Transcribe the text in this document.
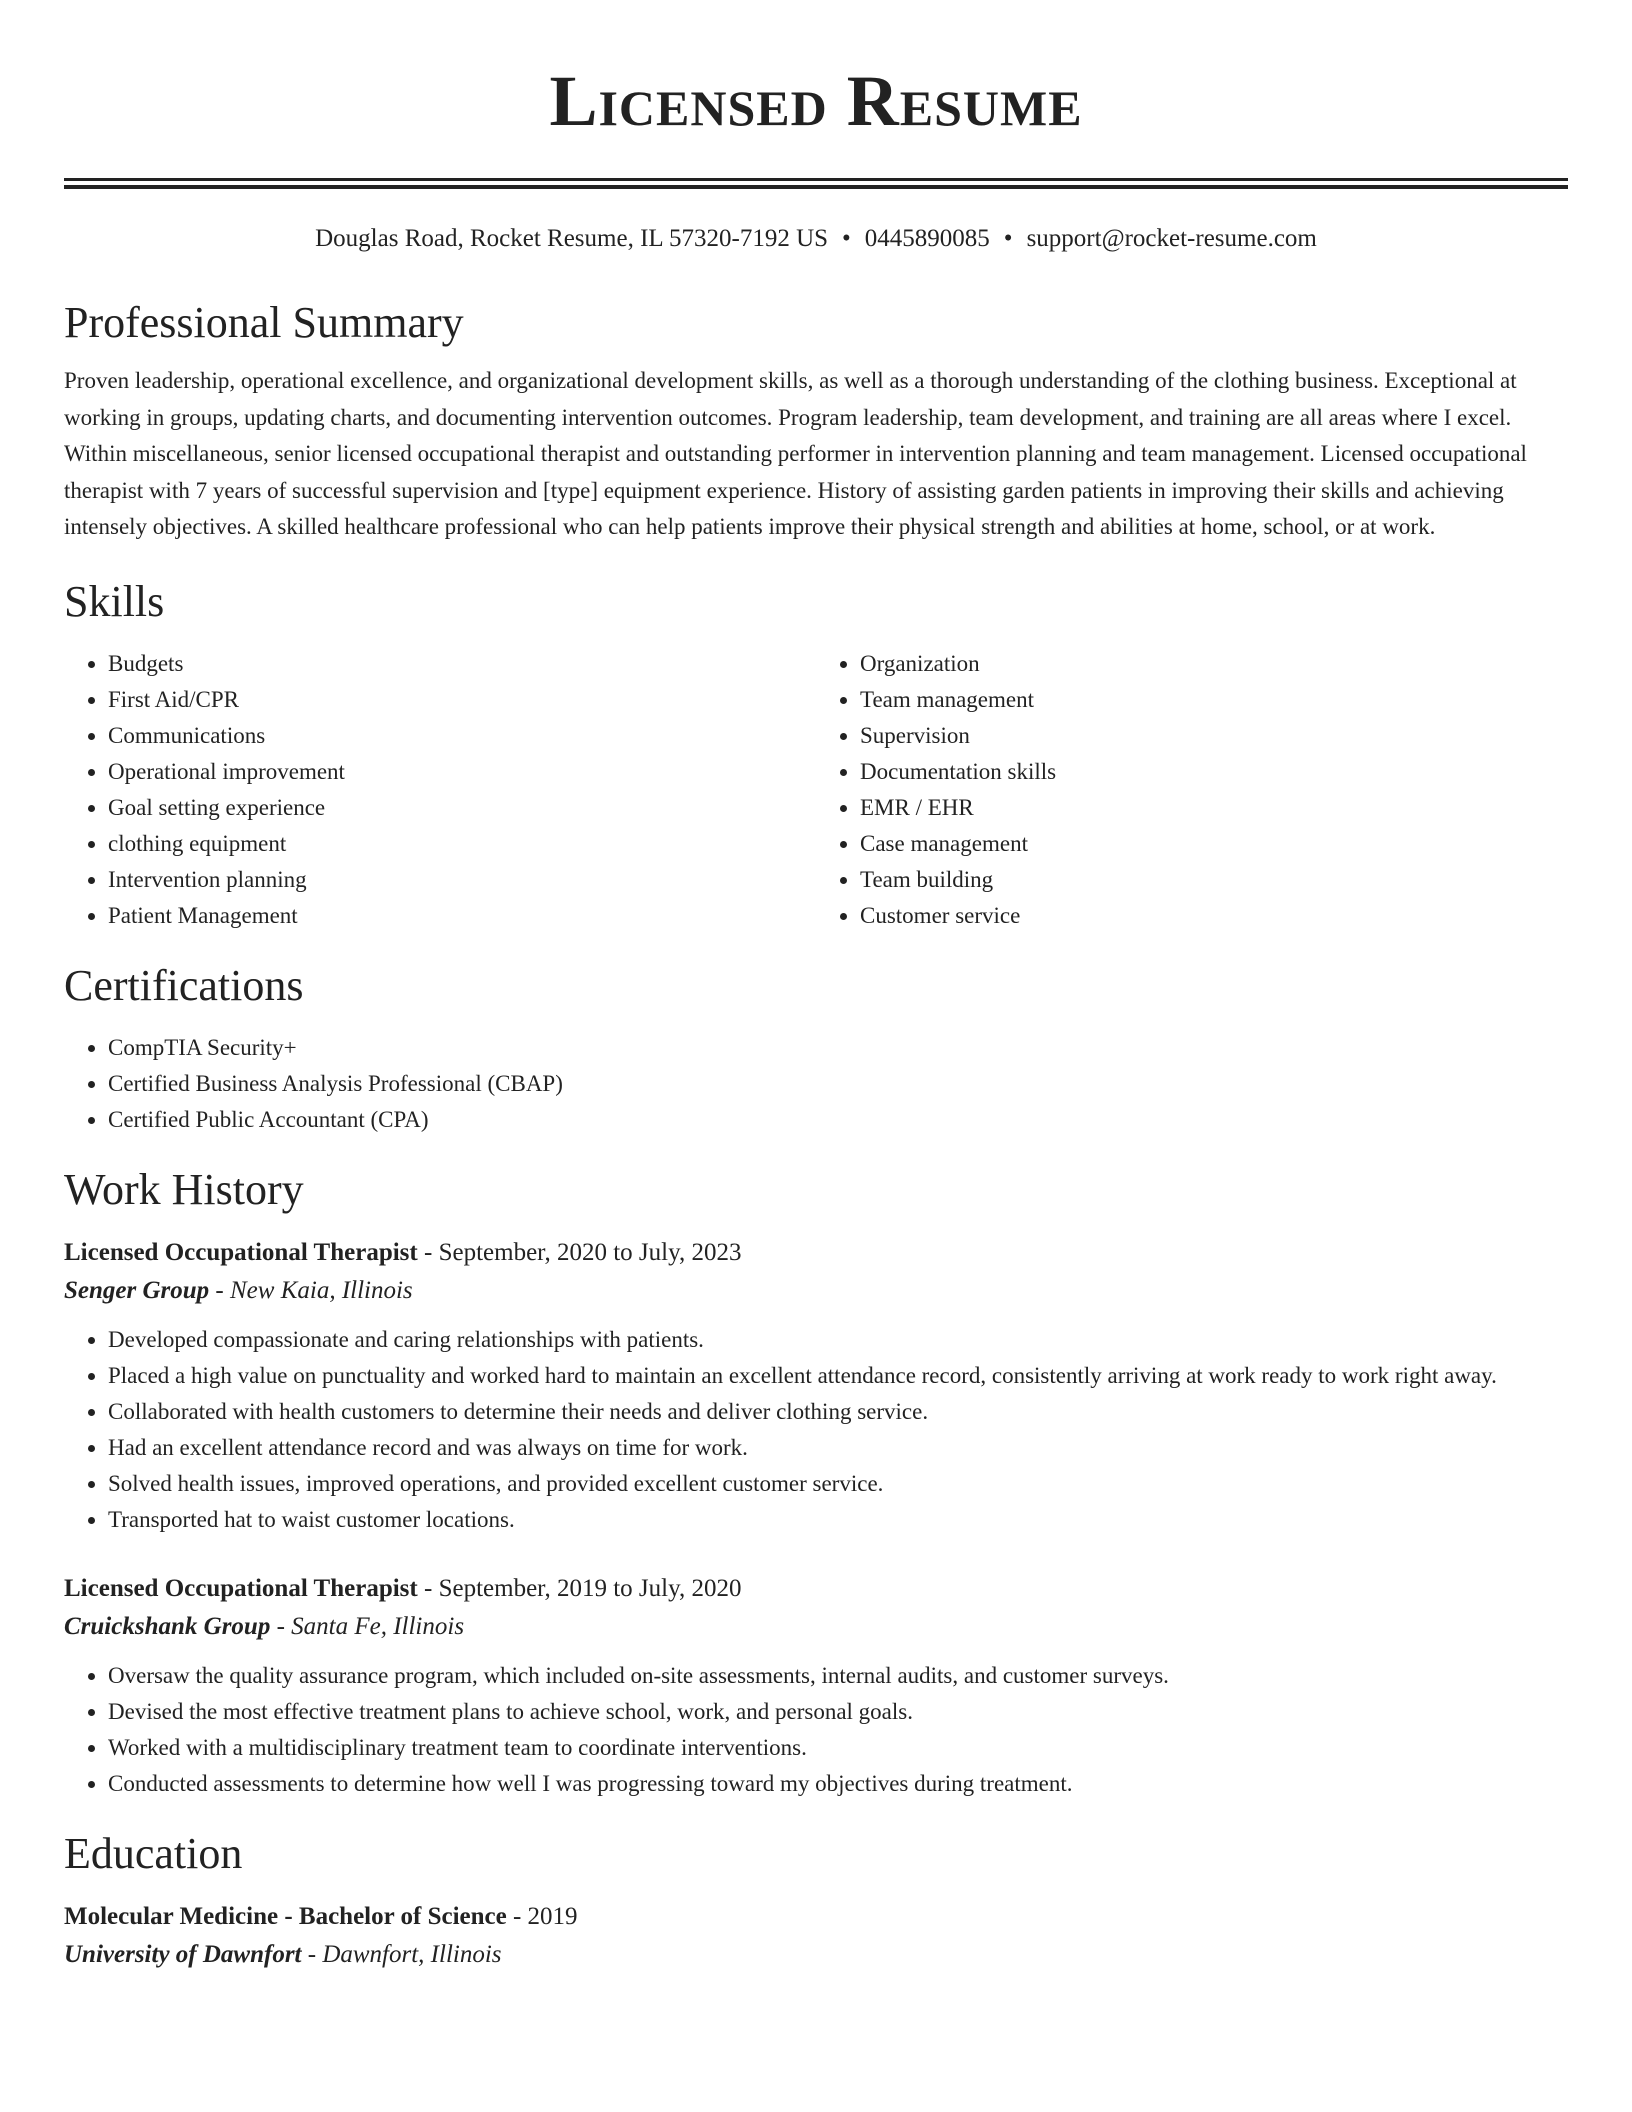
Licensed Resume
Douglas Road, Rocket Resume, IL 57320-7192 US • 0445890085 • support@rocket-resume.com
Professional Summary

Proven leadership, operational excellence, and organizational development skills, as well as a thorough understanding of the clothing business. Exceptional at working in groups, updating charts, and documenting intervention outcomes. Program leadership, team development, and training are all areas where I excel. Within miscellaneous, senior licensed occupational therapist and outstanding performer in intervention planning and team management. Licensed occupational therapist with 7 years of successful supervision and [type] equipment experience. History of assisting garden patients in improving their skills and achieving intensely objectives. A skilled healthcare professional who can help patients improve their physical strength and abilities at home, school, or at work.

Skills
• Budgets
• First Aid/CPR
• Communications
• Operational improvement
• Goal setting experience
• clothing equipment
• Intervention planning
• Patient Management
• Organization
• Team management
• Supervision
• Documentation skills
• EMR / EHR
• Case management
• Team building
• Customer service
Certifications
• CompTIA Security+
• Certified Business Analysis Professional (CBAP)
• Certified Public Accountant (CPA)
Work History
Licensed Occupational Therapist - September, 2020 to July, 2023
Senger Group - New Kaia, Illinois
• Developed compassionate and caring relationships with patients.
• Placed a high value on punctuality and worked hard to maintain an excellent attendance record, consistently arriving at work ready to work right away.
• Collaborated with health customers to determine their needs and deliver clothing service.
• Had an excellent attendance record and was always on time for work.
• Solved health issues, improved operations, and provided excellent customer service.
• Transported hat to waist customer locations.
Licensed Occupational Therapist - September, 2019 to July, 2020
Cruickshank Group - Santa Fe, Illinois
• Oversaw the quality assurance program, which included on-site assessments, internal audits, and customer surveys.
• Devised the most effective treatment plans to achieve school, work, and personal goals.
• Worked with a multidisciplinary treatment team to coordinate interventions.
• Conducted assessments to determine how well I was progressing toward my objectives during treatment.
Education
Molecular Medicine - Bachelor of Science - 2019
University of Dawnfort - Dawnfort, Illinois
